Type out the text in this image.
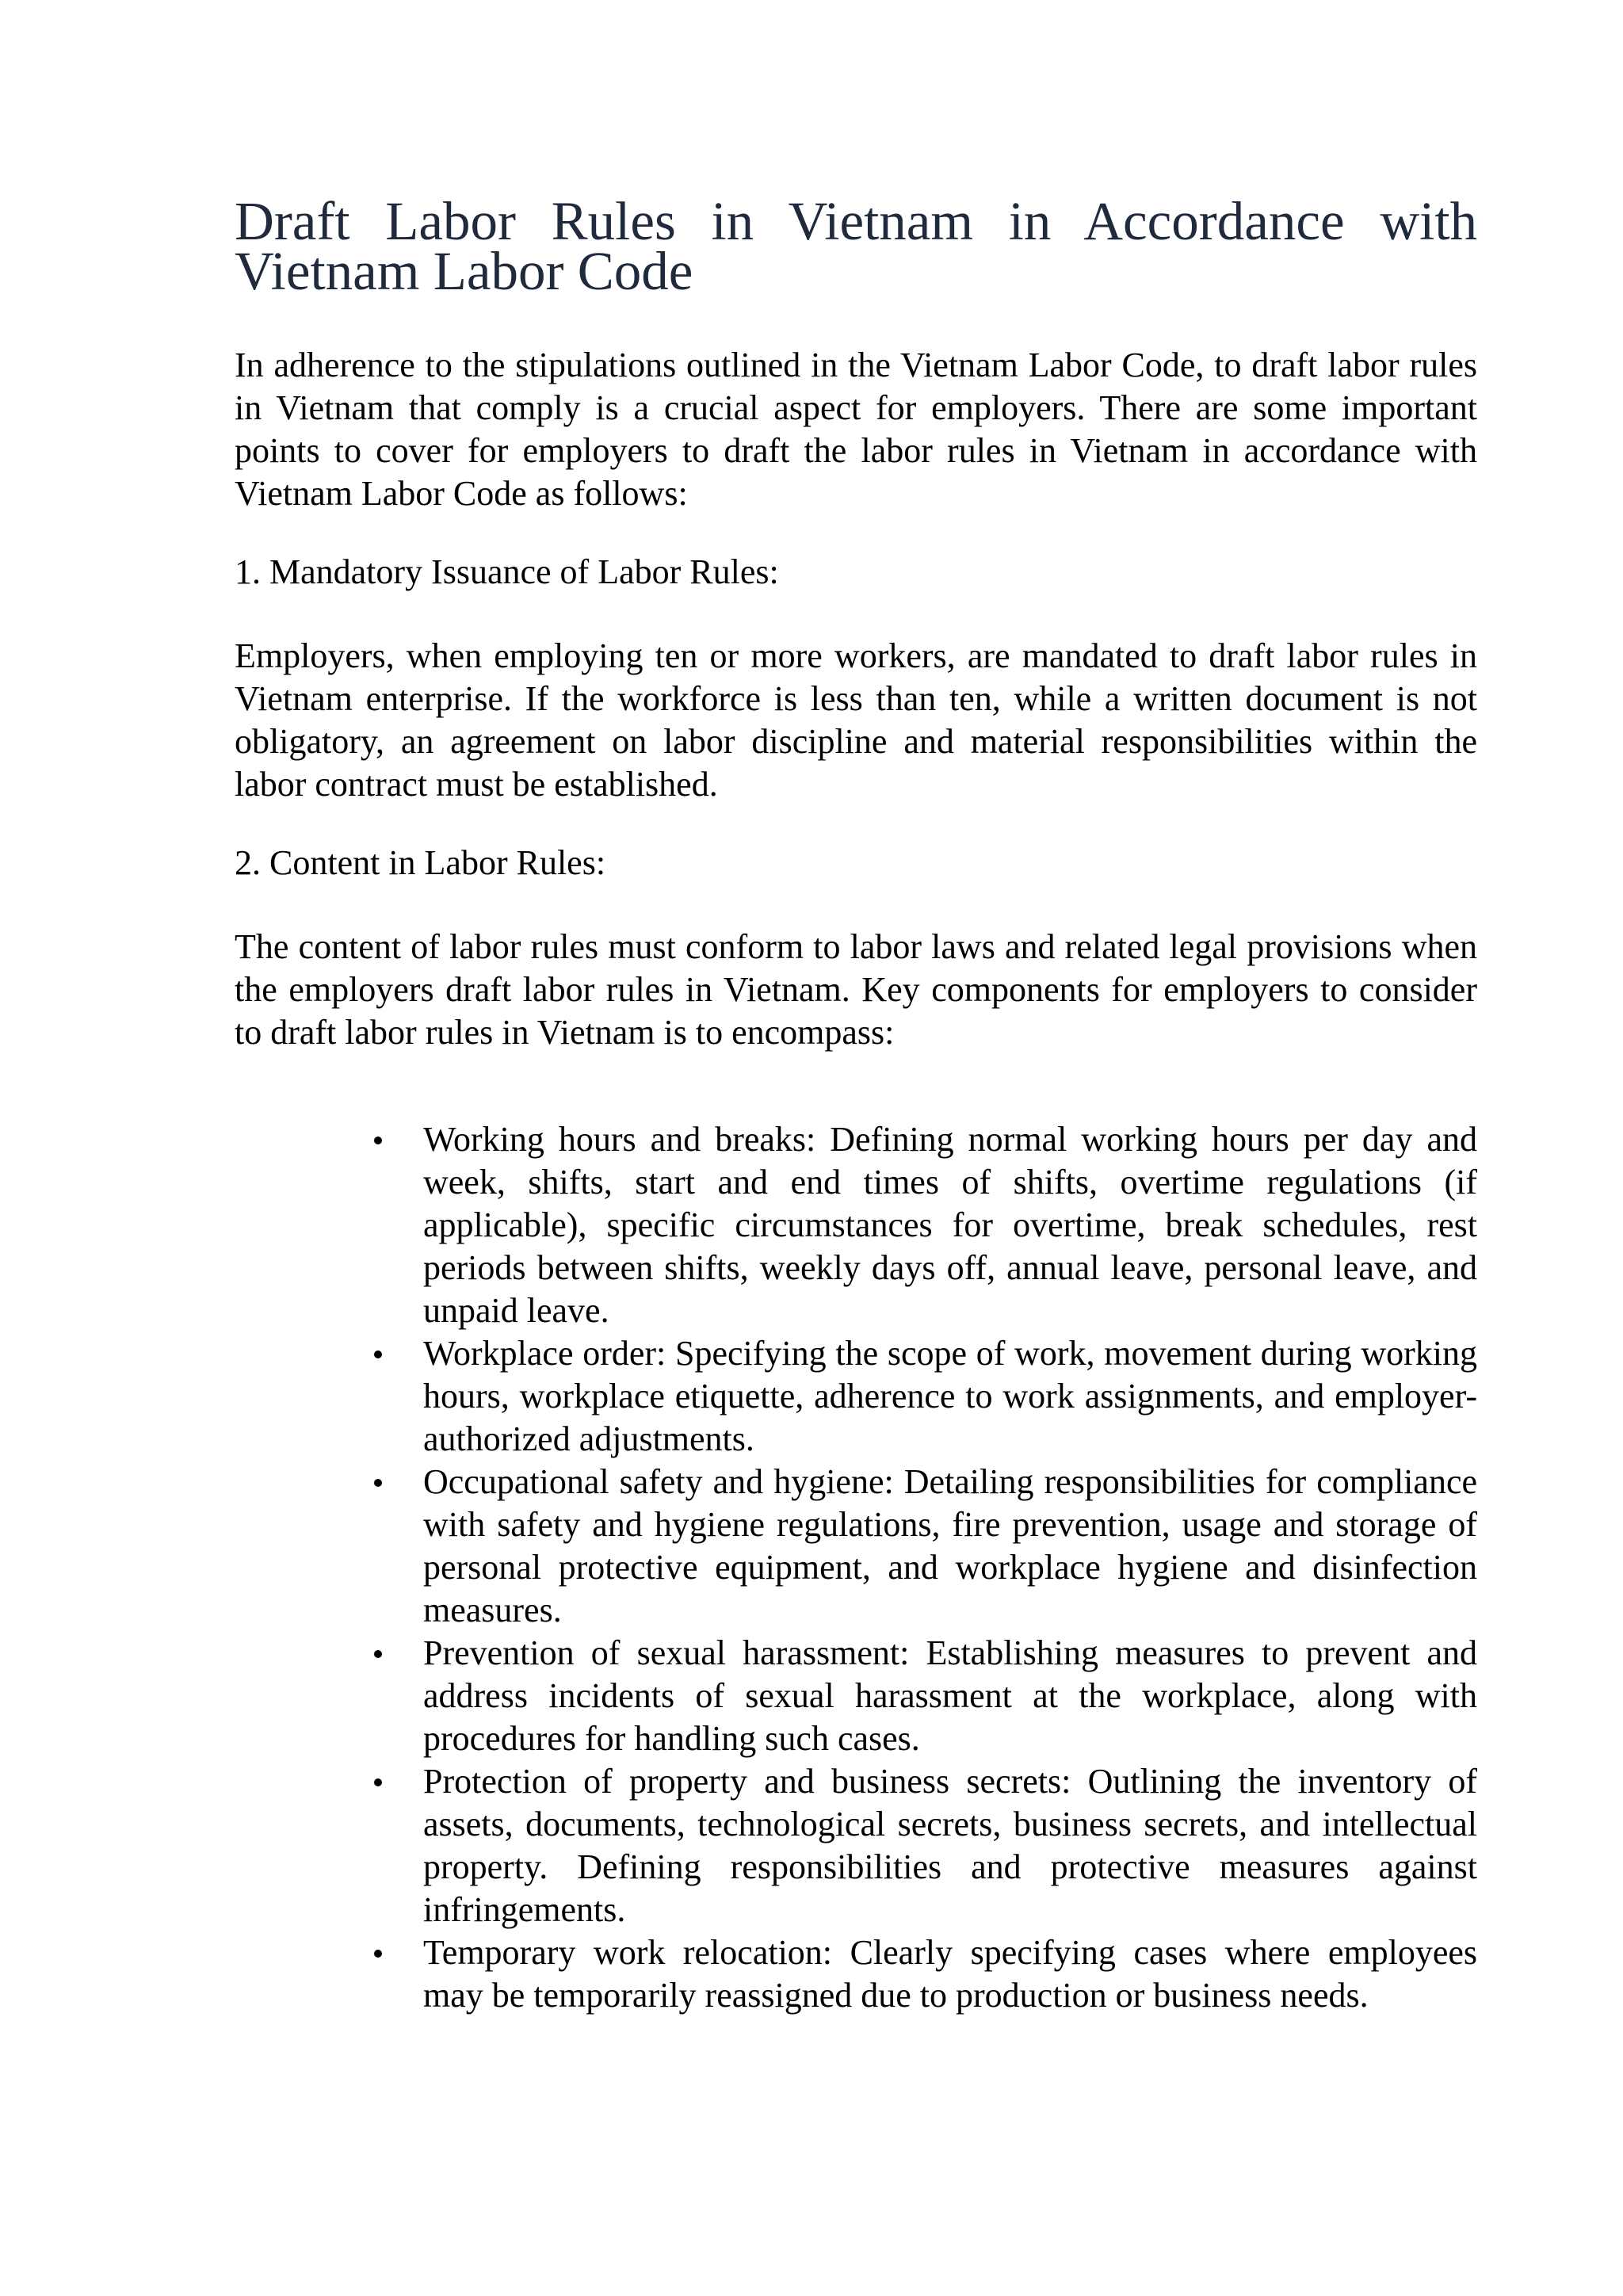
Draft Labor Rules in Vietnam in Accordance with Vietnam Labor Code

In adherence to the stipulations outlined in the Vietnam Labor Code, to draft labor rules in Vietnam that comply is a crucial aspect for employers. There are some important points to cover for employers to draft the labor rules in Vietnam in accordance with Vietnam Labor Code as follows:

1. Mandatory Issuance of Labor Rules:

Employers, when employing ten or more workers, are mandated to draft labor rules in Vietnam enterprise. If the workforce is less than ten, while a written document is not obligatory, an agreement on labor discipline and material responsibilities within the labor contract must be established.

2. Content in Labor Rules:

The content of labor rules must conform to labor laws and related legal provisions when the employers draft labor rules in Vietnam. Key components for employers to consider to draft labor rules in Vietnam is to encompass:

Working hours and breaks: Defining normal working hours per day and week, shifts, start and end times of shifts, overtime regulations (if applicable), specific circumstances for overtime, break schedules, rest periods between shifts, weekly days off, annual leave, personal leave, and unpaid leave.
Workplace order: Specifying the scope of work, movement during working hours, workplace etiquette, adherence to work assignments, and employer-authorized adjustments.
Occupational safety and hygiene: Detailing responsibilities for compliance with safety and hygiene regulations, fire prevention, usage and storage of personal protective equipment, and workplace hygiene and disinfection measures.
Prevention of sexual harassment: Establishing measures to prevent and address incidents of sexual harassment at the workplace, along with procedures for handling such cases.
Protection of property and business secrets: Outlining the inventory of assets, documents, technological secrets, business secrets, and intellectual property. Defining responsibilities and protective measures against infringements.
Temporary work relocation: Clearly specifying cases where employees may be temporarily reassigned due to production or business needs.
